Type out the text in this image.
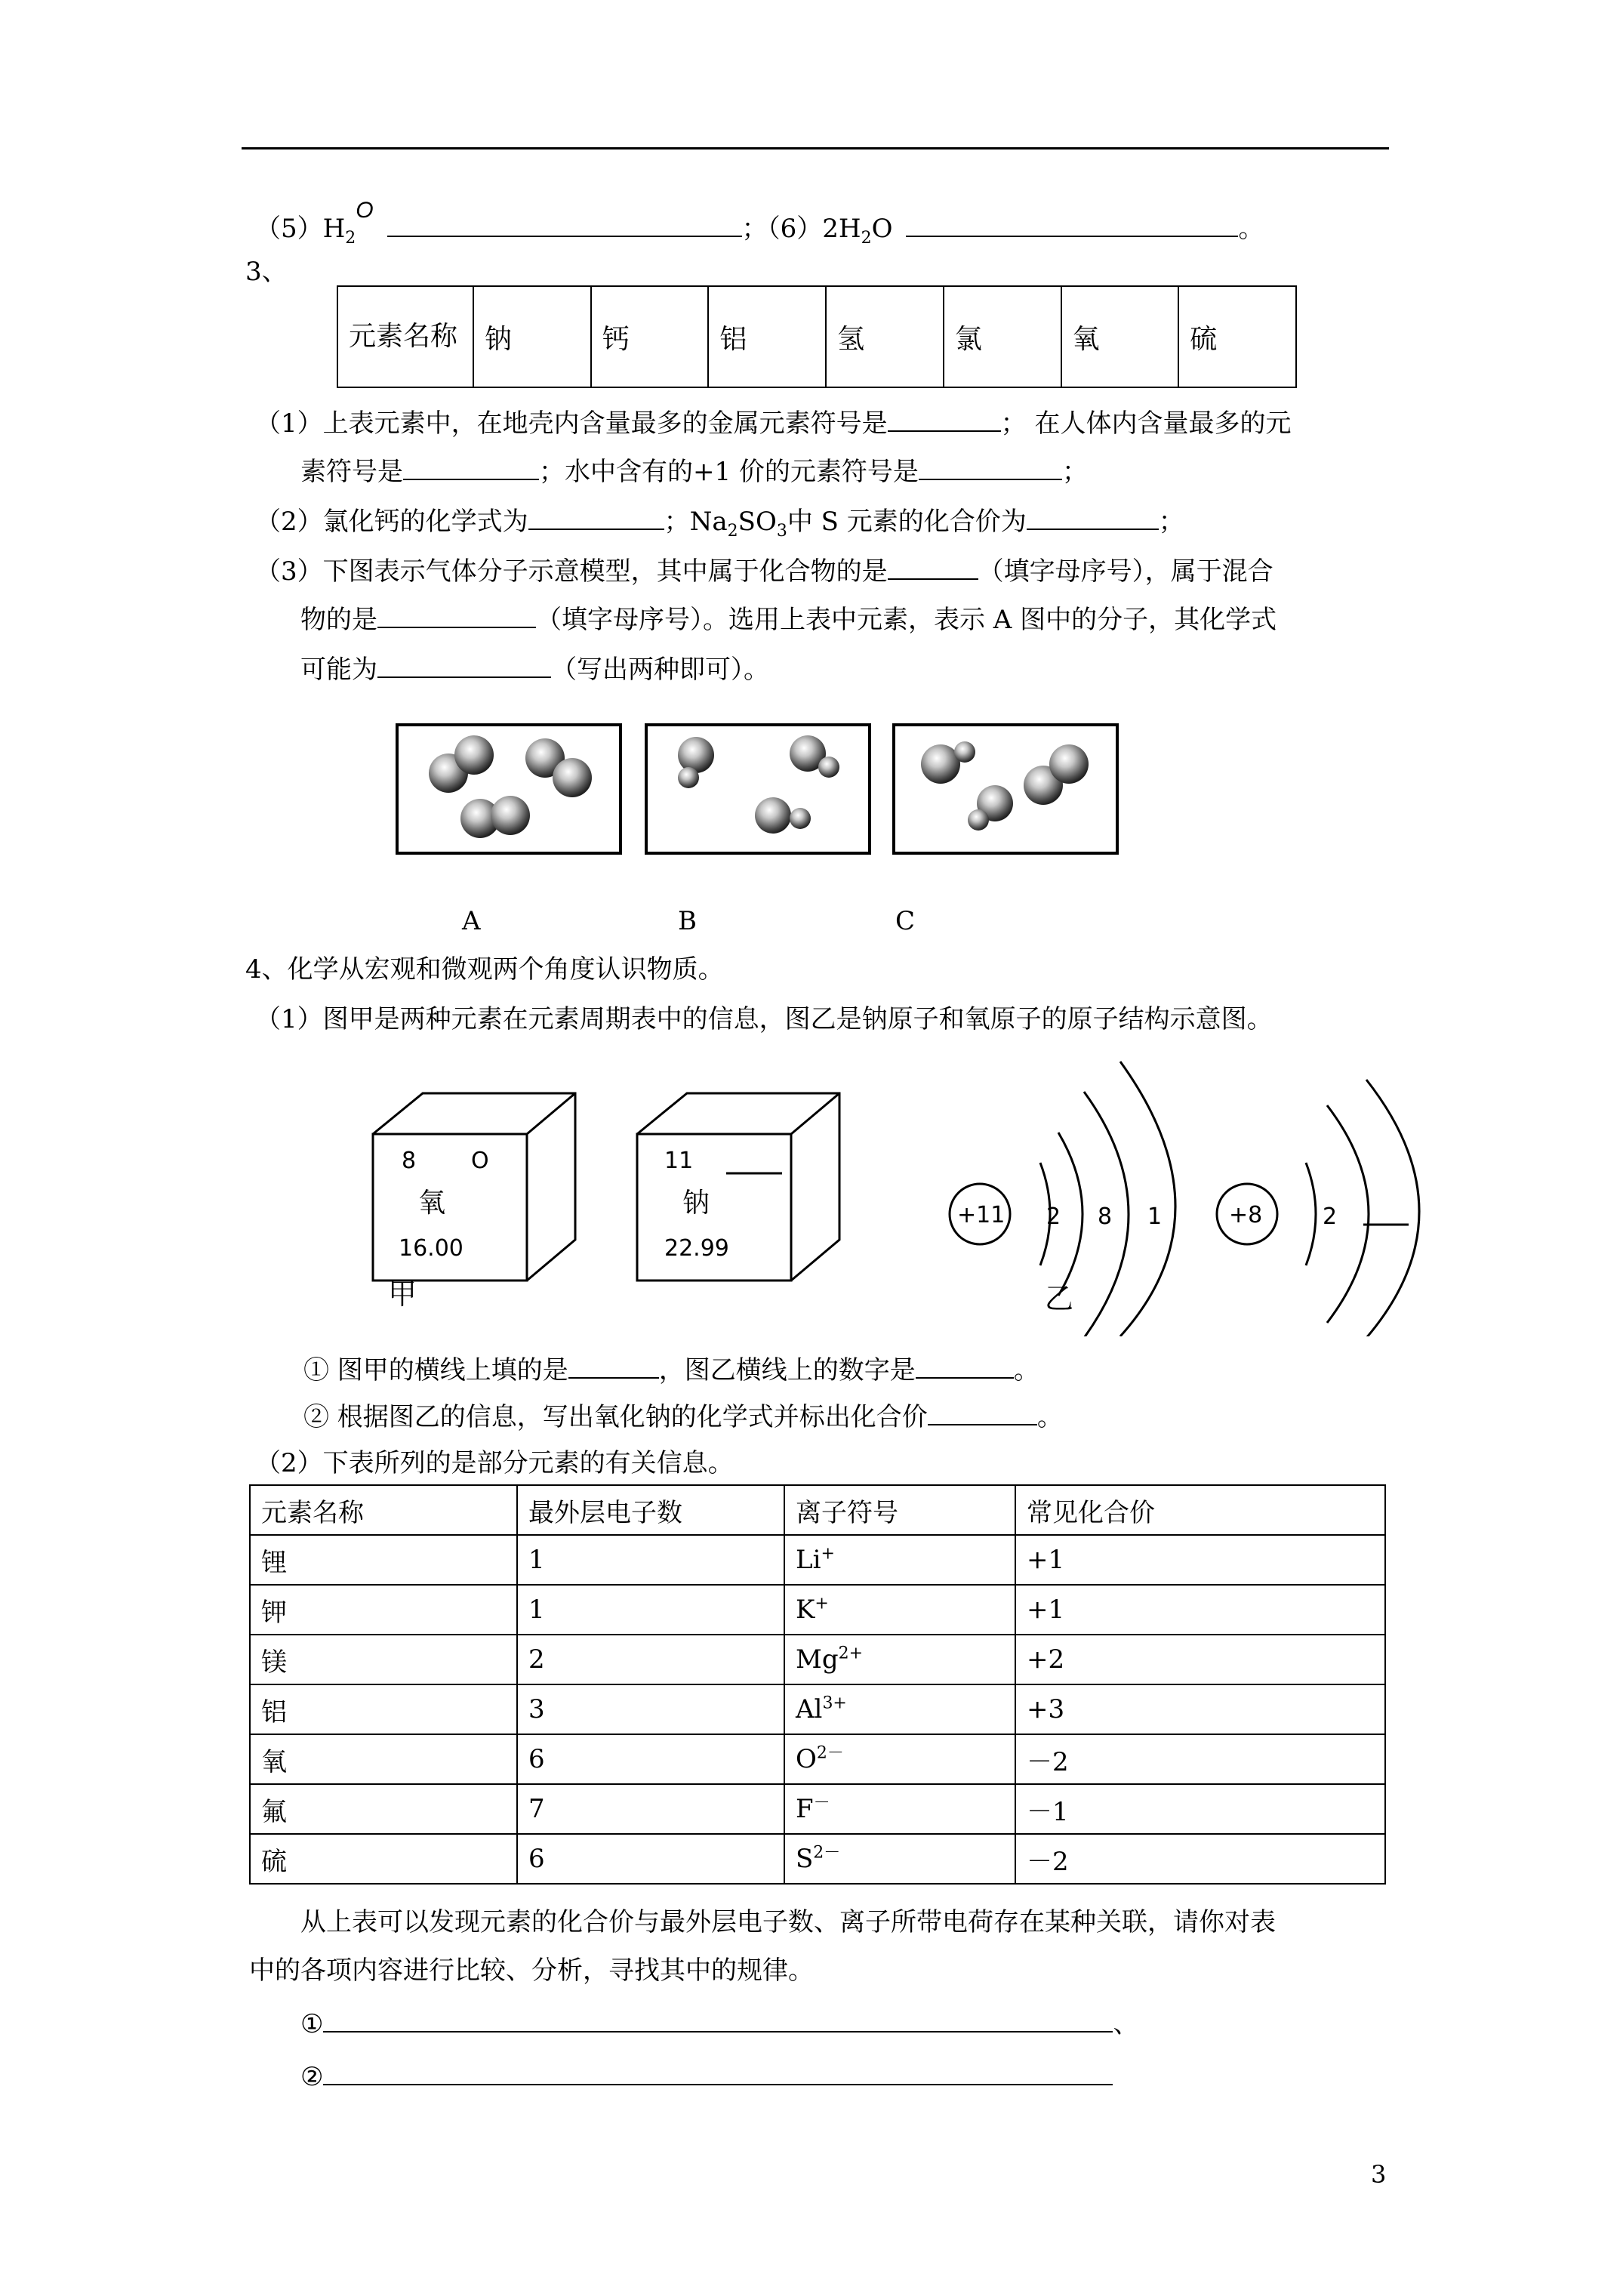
$(5)H_2^O$；$(6)2H_2O$	。
3、
元素名称	钠	钙	铝	氢	氯	氧	硫
（1）上表元素中，在地壳内含量最多的金属元素符号是	； 在人体内含量最多的元
素符号是	；水中含有的+1 价的元素符号是	；
（2）氯化钙的化学式为	；$Na_2SO_3$中 S 元素的化合价为	；
（3）下图表示气体分子示意模型，其中属于化合物的是	（填字母序号），属于混合
物的是	（填字母序号）。选用上表中元素，表示 A 图中的分子，其化学式
可能为	（写出两种即可）。
A	B	C
4、化学从宏观和微观两个角度认识物质。
（1）图甲是两种元素在元素周期表中的信息，图乙是钠原子和氧原子的原子结构示意图。
8 O
氧
16.00
11
钠
22.99
甲
+11 2 8 1	+8	2
乙
① 图甲的横线上填的是	，图乙横线上的数字是	。
② 根据图乙的信息，写出氧化钠的化学式并标出化合价	。
（2）下表所列的是部分元素的有关信息。
元素名称	最外层电子数	离子符号	常见化合价
锂	1	Li+	+1
钾	1	K+	+1
镁	2	$Mg^{2+}$	+2
铝	3	$Al^{3+}$	+3
氧	6	$O^{2-}$	－2
氟	7	F－	－1
硫	6	$S^{2-}$	－2
从上表可以发现元素的化合价与最外层电子数、离子所带电荷存在某种关联，请你对表
中的各项内容进行比较、分析，寻找其中的规律。
①	、
②
3
